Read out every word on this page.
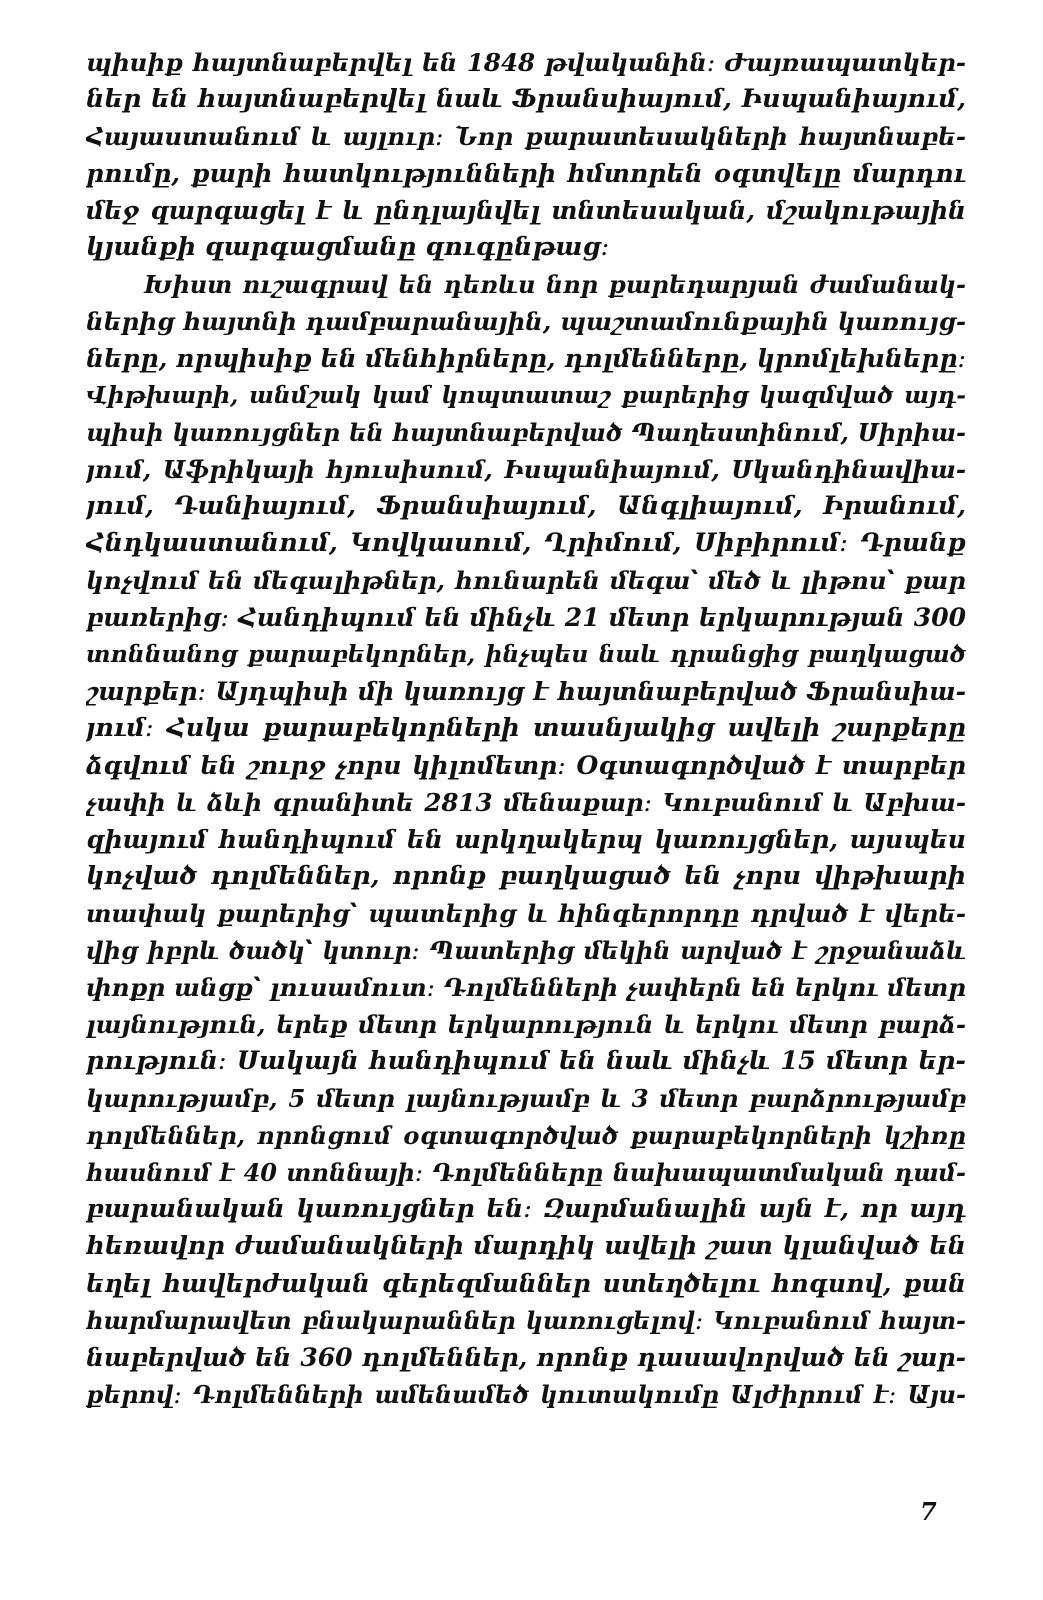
պիսիք հայտնաբերվել են 1848 թվականին։ Ժայռապատկեր-
ներ են հայտնաբերվել նաև Ֆրանսիայում, Իսպանիայում,
Հայաստանում և այլուր։ Նոր քարատեսակների հայտնաբե-
րումը, քարի հատկությունների հմտորեն օգտվելը մարդու
մեջ զարգացել է և ընդլայնվել տնտեսական, մշակութային
կյանքի զարգացմանը զուգընթաց։
Խիստ ուշագրավ են դեռևս նոր քարեդարյան ժամանակ-
ներից հայտնի դամբարանային, պաշտամունքային կառույց-
ները, որպիսիք են մենհիրները, դոլմենները, կրոմլեխները։
Վիթխարի, անմշակ կամ կոպտատաշ քարերից կազմված այդ-
պիսի կառույցներ են հայտնաբերված Պաղեստինում, Սիրիա-
յում, Աֆրիկայի հյուսիսում, Իսպանիայում, Սկանդինավիա-
յում, Դանիայում, Ֆրանսիայում, Անգլիայում, Իրանում,
Հնդկաստանում, Կովկասում, Ղրիմում, Սիբիրում։ Դրանք
կոչվում են մեգալիթներ, հունարեն մեգա՝ մեծ և լիթոս՝ քար
բառերից։ Հանդիպում են մինչև 21 մետր երկարության 300
տոննանոց քարաբեկորներ, ինչպես նաև դրանցից բաղկացած
շարքեր։ Այդպիսի մի կառույց է հայտնաբերված Ֆրանսիա-
յում։ Հսկա քարաբեկորների տասնյակից ավելի շարքերը
ձգվում են շուրջ չորս կիլոմետր։ Օգտագործված է տարբեր
չափի և ձևի գրանիտե 2813 մենաքար։ Կուբանում և Աբխա-
զիայում հանդիպում են արկղակերպ կառույցներ, այսպես
կոչված դոլմեններ, որոնք բաղկացած են չորս վիթխարի
տափակ քարերից՝ պատերից և հինգերորդը դրված է վերե-
վից իբրև ծածկ՝ կտուր։ Պատերից մեկին արված է շրջանաձև
փոքր անցք՝ լուսամուտ։ Դոլմենների չափերն են երկու մետր
լայնություն, երեք մետր երկարություն և երկու մետր բարձ-
րություն։ Սակայն հանդիպում են նաև մինչև 15 մետր եր-
կարությամբ, 5 մետր լայնությամբ և 3 մետր բարձրությամբ
դոլմեններ, որոնցում օգտագործված քարաբեկորների կշիռը
հասնում է 40 տոննայի։ Դոլմենները նախապատմական դամ-
բարանական կառույցներ են։ Զարմանալին այն է, որ այդ
հեռավոր ժամանակների մարդիկ ավելի շատ կլանված են
եղել հավերժական գերեզմաններ ստեղծելու հոգսով, քան
հարմարավետ բնակարաններ կառուցելով։ Կուբանում հայտ-
նաբերված են 360 դոլմեններ, որոնք դասավորված են շար-
քերով։ Դոլմենների ամենամեծ կուտակումը Ալժիրում է։ Այս-
7
